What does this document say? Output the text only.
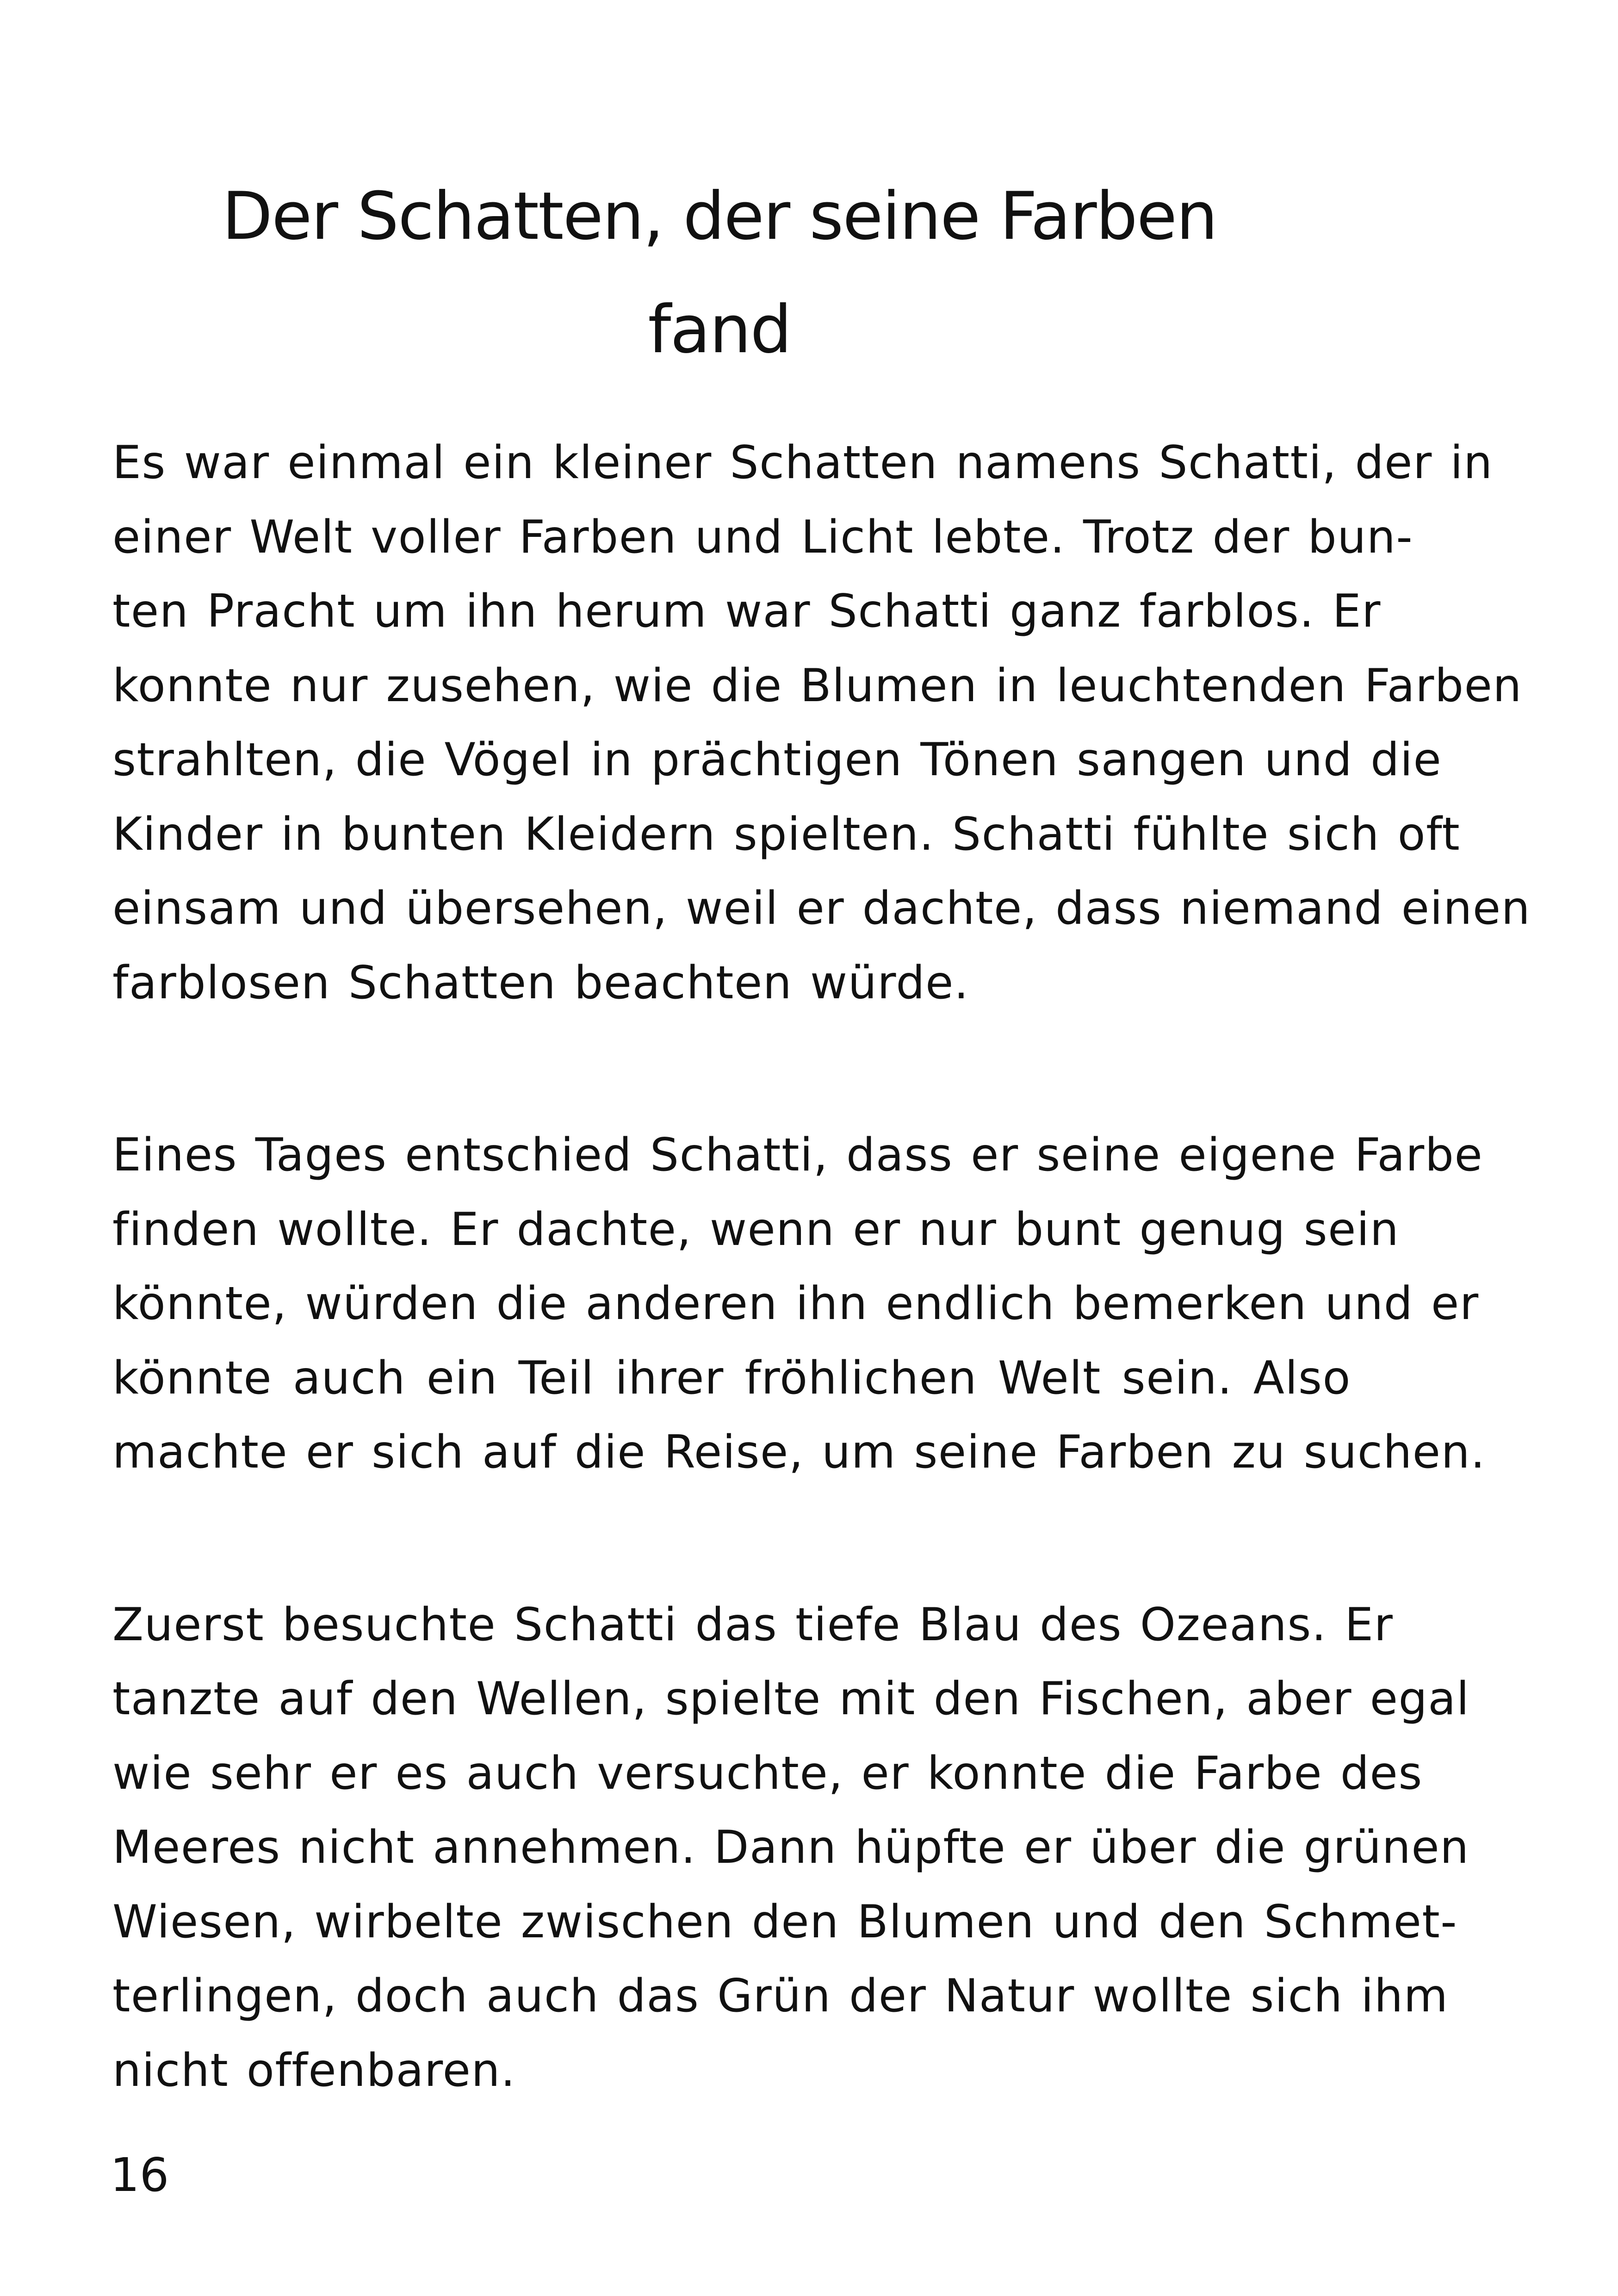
Der Schatten, der seine Farben
fand

Es war einmal ein kleiner Schatten namens Schatti, der in
einer Welt voller Farben und Licht lebte. Trotz der bun-
ten Pracht um ihn herum war Schatti ganz farblos. Er
konnte nur zusehen, wie die Blumen in leuchtenden Farben
strahlten, die Vögel in prächtigen Tönen sangen und die
Kinder in bunten Kleidern spielten. Schatti fühlte sich oft
einsam und übersehen, weil er dachte, dass niemand einen
farblosen Schatten beachten würde.

Eines Tages entschied Schatti, dass er seine eigene Farbe
finden wollte. Er dachte, wenn er nur bunt genug sein
könnte, würden die anderen ihn endlich bemerken und er
könnte auch ein Teil ihrer fröhlichen Welt sein. Also
machte er sich auf die Reise, um seine Farben zu suchen.

Zuerst besuchte Schatti das tiefe Blau des Ozeans. Er
tanzte auf den Wellen, spielte mit den Fischen, aber egal
wie sehr er es auch versuchte, er konnte die Farbe des
Meeres nicht annehmen. Dann hüpfte er über die grünen
Wiesen, wirbelte zwischen den Blumen und den Schmet-
terlingen, doch auch das Grün der Natur wollte sich ihm
nicht offenbaren.

16
